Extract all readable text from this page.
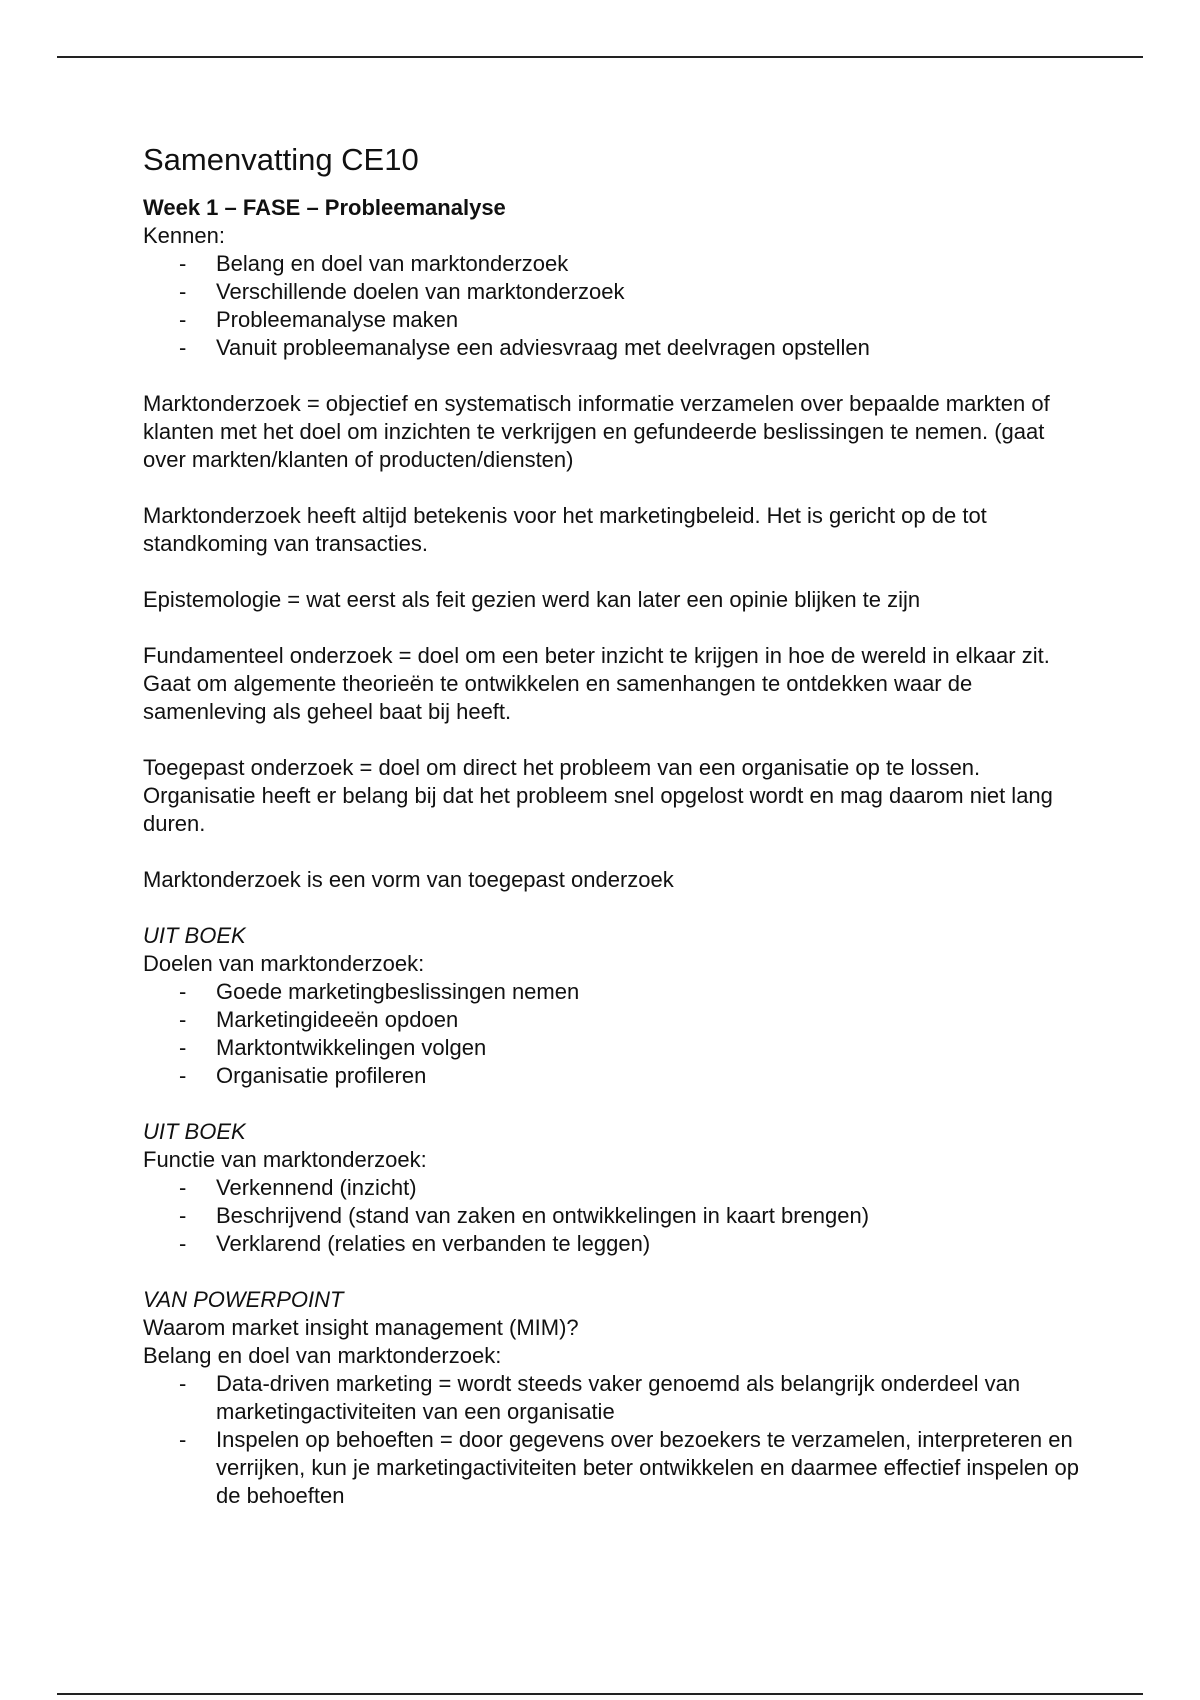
Samenvatting CE10

Week 1 – FASE – Probleemanalyse

Kennen:

- Belang en doel van marktonderzoek
- Verschillende doelen van marktonderzoek
- Probleemanalyse maken
- Vanuit probleemanalyse een adviesvraag met deelvragen opstellen

Marktonderzoek = objectief en systematisch informatie verzamelen over bepaalde markten of klanten met het doel om inzichten te verkrijgen en gefundeerde beslissingen te nemen. (gaat over markten/klanten of producten/diensten)

Marktonderzoek heeft altijd betekenis voor het marketingbeleid. Het is gericht op de tot standkoming van transacties.

Epistemologie = wat eerst als feit gezien werd kan later een opinie blijken te zijn

Fundamenteel onderzoek = doel om een beter inzicht te krijgen in hoe de wereld in elkaar zit. Gaat om algemente theorieën te ontwikkelen en samenhangen te ontdekken waar de samenleving als geheel baat bij heeft.

Toegepast onderzoek = doel om direct het probleem van een organisatie op te lossen. Organisatie heeft er belang bij dat het probleem snel opgelost wordt en mag daarom niet lang duren.

Marktonderzoek is een vorm van toegepast onderzoek

UIT BOEK

Doelen van marktonderzoek:

- Goede marketingbeslissingen nemen
- Marketingideeën opdoen
- Marktontwikkelingen volgen
- Organisatie profileren

UIT BOEK

Functie van marktonderzoek:

- Verkennend (inzicht)
- Beschrijvend (stand van zaken en ontwikkelingen in kaart brengen)
- Verklarend (relaties en verbanden te leggen)

VAN POWERPOINT

Waarom market insight management (MIM)?

Belang en doel van marktonderzoek:

- Data-driven marketing = wordt steeds vaker genoemd als belangrijk onderdeel van marketingactiviteiten van een organisatie
- Inspelen op behoeften = door gegevens over bezoekers te verzamelen, interpreteren en verrijken, kun je marketingactiviteiten beter ontwikkelen en daarmee effectief inspelen op de behoeften
